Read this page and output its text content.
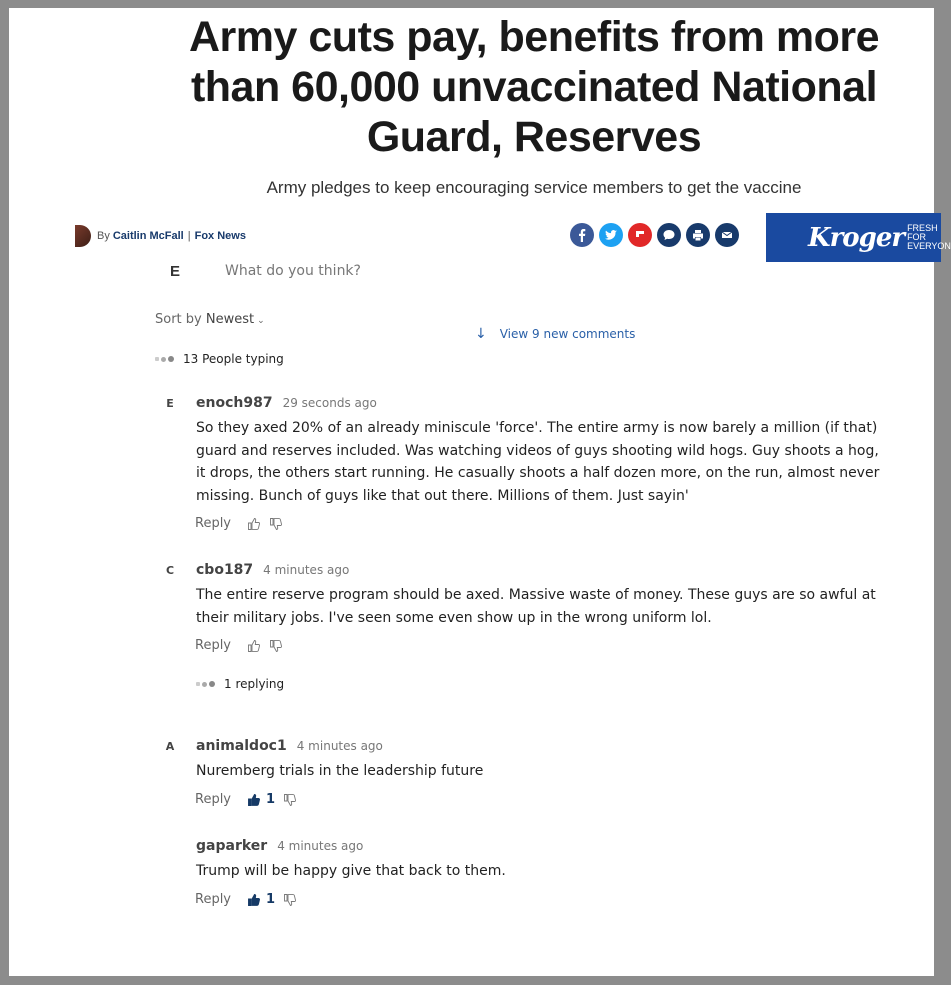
Army cuts pay, benefits from more than 60,000 unvaccinated National Guard, Reserves

Army pledges to keep encouraging service members to get the vaccine

By Caitlin McFall | Fox News	Kroger FRESH FOR EVERYON
E
What do you think?
Sort by Newest ⌄
↓ View 9 new comments
13 People typing
E	enoch987 29 seconds ago
So they axed 20% of an already miniscule 'force'. The entire army is now barely a million (if that) guard and reserves included. Was watching videos of guys shooting wild hogs. Guy shoots a hog, it drops, the others start running. He casually shoots a half dozen more, on the run, almost never missing. Bunch of guys like that out there. Millions of them. Just sayin'
Reply
C	cbo187 4 minutes ago
The entire reserve program should be axed. Massive waste of money. These guys are so awful at their military jobs. I've seen some even show up in the wrong uniform lol.
Reply
1 replying
A	animaldoc1 4 minutes ago
Nuremberg trials in the leadership future
Reply	1
gaparker 4 minutes ago
Trump will be happy give that back to them.
Reply	1
